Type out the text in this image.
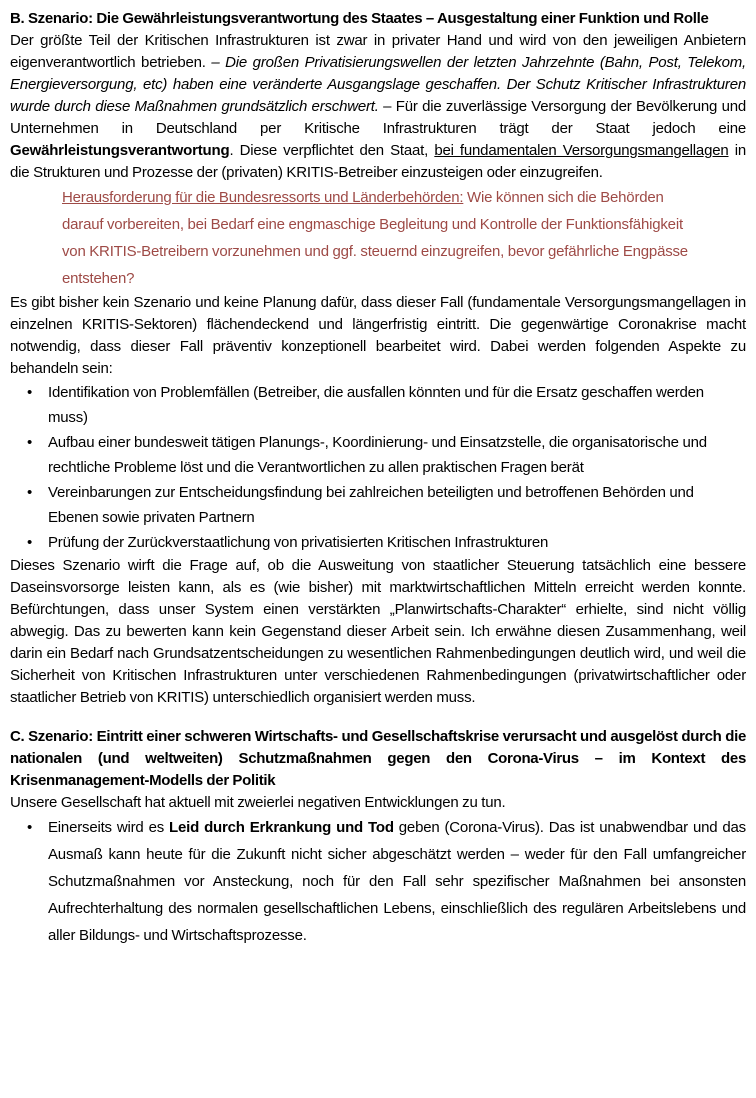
B. Szenario: Die Gewährleistungsverantwortung des Staates – Ausgestaltung einer Funktion und Rolle

Der größte Teil der Kritischen Infrastrukturen ist zwar in privater Hand und wird von den jeweiligen Anbietern eigenverantwortlich betrieben. – Die großen Privatisierungswellen der letzten Jahrzehnte (Bahn, Post, Telekom, Energieversorgung, etc) haben eine veränderte Ausgangslage geschaffen. Der Schutz Kritischer Infrastrukturen wurde durch diese Maßnahmen grundsätzlich erschwert. – Für die zuverlässige Versorgung der Bevölkerung und Unternehmen in Deutschland per Kritische Infrastrukturen trägt der Staat jedoch eine Gewährleistungsverantwortung. Diese verpflichtet den Staat, bei fundamentalen Versorgungsmangellagen in die Strukturen und Prozesse der (privaten) KRITIS-Betreiber einzusteigen oder einzugreifen.

Herausforderung für die Bundesressorts und Länderbehörden: Wie können sich die Behörden darauf vorbereiten, bei Bedarf eine engmaschige Begleitung und Kontrolle der Funktionsfähigkeit von KRITIS-Betreibern vorzunehmen und ggf. steuernd einzugreifen, bevor gefährliche Engpässe entstehen?

Es gibt bisher kein Szenario und keine Planung dafür, dass dieser Fall (fundamentale Versorgungsmangellagen in einzelnen KRITIS-Sektoren) flächendeckend und längerfristig eintritt. Die gegenwärtige Coronakrise macht notwendig, dass dieser Fall präventiv konzeptionell bearbeitet wird. Dabei werden folgenden Aspekte zu behandeln sein:

• Identifikation von Problemfällen (Betreiber, die ausfallen könnten und für die Ersatz geschaffen werden muss)
• Aufbau einer bundesweit tätigen Planungs-, Koordinierung- und Einsatzstelle, die organisatorische und rechtliche Probleme löst und die Verantwortlichen zu allen praktischen Fragen berät
• Vereinbarungen zur Entscheidungsfindung bei zahlreichen beteiligten und betroffenen Behörden und Ebenen sowie privaten Partnern
• Prüfung der Zurückverstaatlichung von privatisierten Kritischen Infrastrukturen

Dieses Szenario wirft die Frage auf, ob die Ausweitung von staatlicher Steuerung tatsächlich eine bessere Daseinsvorsorge leisten kann, als es (wie bisher) mit marktwirtschaftlichen Mitteln erreicht werden konnte. Befürchtungen, dass unser System einen verstärkten „Planwirtschafts-Charakter“ erhielte, sind nicht völlig abwegig. Das zu bewerten kann kein Gegenstand dieser Arbeit sein. Ich erwähne diesen Zusammenhang, weil darin ein Bedarf nach Grundsatzentscheidungen zu wesentlichen Rahmenbedingungen deutlich wird, und weil die Sicherheit von Kritischen Infrastrukturen unter verschiedenen Rahmenbedingungen (privatwirtschaftlicher oder staatlicher Betrieb von KRITIS) unterschiedlich organisiert werden muss.

C. Szenario: Eintritt einer schweren Wirtschafts- und Gesellschaftskrise verursacht und ausgelöst durch die nationalen (und weltweiten) Schutzmaßnahmen gegen den Corona-Virus – im Kontext des Krisenmanagement-Modells der Politik

Unsere Gesellschaft hat aktuell mit zweierlei negativen Entwicklungen zu tun.

• Einerseits wird es Leid durch Erkrankung und Tod geben (Corona-Virus). Das ist unabwendbar und das Ausmaß kann heute für die Zukunft nicht sicher abgeschätzt werden – weder für den Fall umfangreicher Schutzmaßnahmen vor Ansteckung, noch für den Fall sehr spezifischer Maßnahmen bei ansonsten Aufrechterhaltung des normalen gesellschaftlichen Lebens, einschließlich des regulären Arbeitslebens und aller Bildungs- und Wirtschaftsprozesse.
